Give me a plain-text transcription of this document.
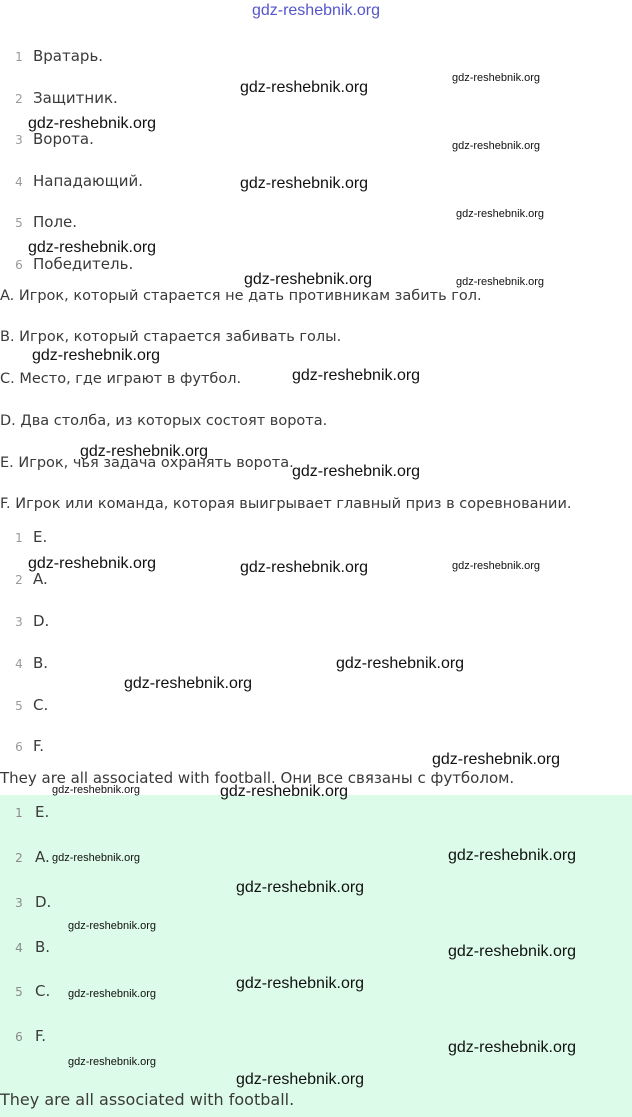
gdz-reshebnik.org
1 Вратарь.
2 Защитник.
3 Ворота.
4 Нападающий.
5 Поле.
6 Победитель.
A. Игрок, который старается не дать противникам забить гол.
B. Игрок, который старается забивать голы.
C. Место, где играют в футбол.
D. Два столба, из которых состоят ворота.
E. Игрок, чья задача охранять ворота.
F. Игрок или команда, которая выигрывает главный приз в соревновании.
1 E.
2 A.
3 D.
4 B.
5 C.
6 F.
They are all associated with football. Они все связаны с футболом.
1 E.
2 A.
3 D.
4 B.
5 C.
6 F.
They are all associated with football.
gdz-reshebnik.org
gdz-reshebnik.org
gdz-reshebnik.org
gdz-reshebnik.org
gdz-reshebnik.org
gdz-reshebnik.org
gdz-reshebnik.org
gdz-reshebnik.org	gdz-reshebnik.org
gdz-reshebnik.org
gdz-reshebnik.org
gdz-reshebnik.org
gdz-reshebnik.org
gdz-reshebnik.org	gdz-reshebnik.org	gdz-reshebnik.org
gdz-reshebnik.org
gdz-reshebnik.org
gdz-reshebnik.org
gdz-reshebnik.org	gdz-reshebnik.org
gdz-reshebnik.org	gdz-reshebnik.org
gdz-reshebnik.org
gdz-reshebnik.org
gdz-reshebnik.org
gdz-reshebnik.org
gdz-reshebnik.org
gdz-reshebnik.org
gdz-reshebnik.org
gdz-reshebnik.org
